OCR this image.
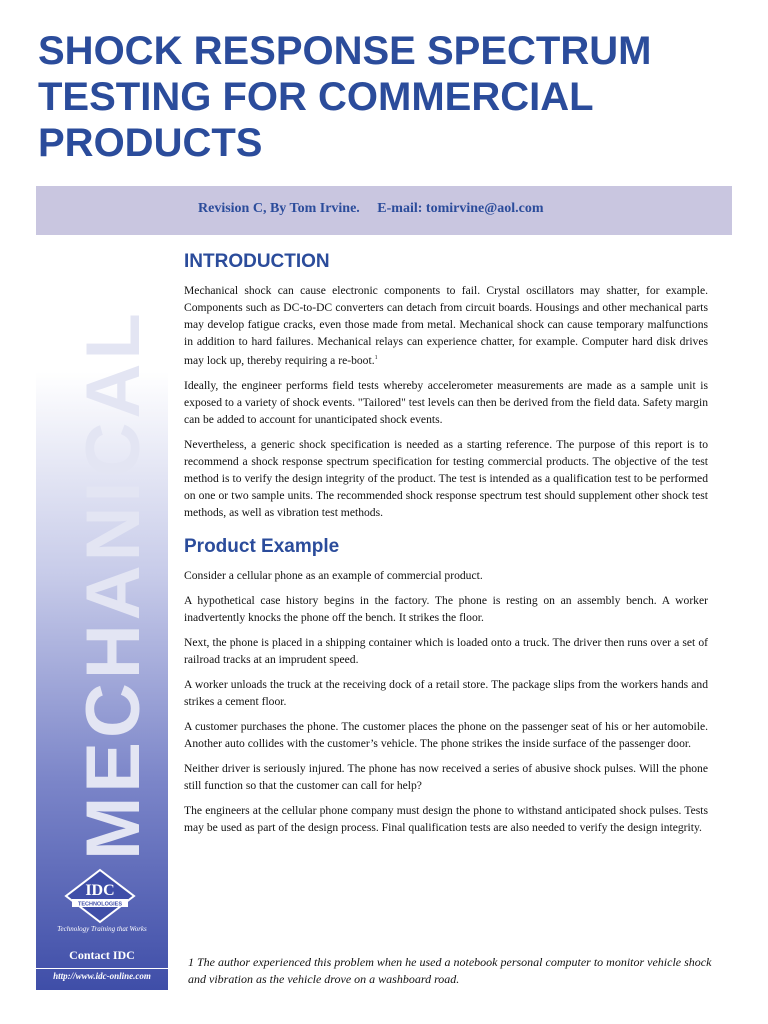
SHOCK RESPONSE SPECTRUM
TESTING FOR COMMERCIAL
PRODUCTS
Revision C, By Tom Irvine.     E-mail: tomirvine@aol.com
MECHANICAL
IDC
TECHNOLOGIES
Technology Training that Works
Contact IDC
http://www.idc-online.com
INTRODUCTION

Mechanical shock can cause electronic components to fail. Crystal oscillators may shatter, for example. Components such as DC-to-DC converters can detach from circuit boards. Housings and other mechanical parts may develop fatigue cracks, even those made from metal. Mechanical shock can cause temporary malfunctions in addition to hard failures. Mechanical relays can experience chatter, for example. Computer hard disk drives may lock up, thereby requiring a re-boot.$^1$

Ideally, the engineer performs field tests whereby accelerometer measurements are made as a sample unit is exposed to a variety of shock events. "Tailored" test levels can then be derived from the field data. Safety margin can be added to account for unanticipated shock events.

Nevertheless, a generic shock specification is needed as a starting reference. The purpose of this report is to recommend a shock response spectrum specification for testing commercial products. The objective of the test method is to verify the design integrity of the product. The test is intended as a qualification test to be performed on one or two sample units. The recommended shock response spectrum test should supplement other shock test methods, as well as vibration test methods.

Product Example

Consider a cellular phone as an example of commercial product.

A hypothetical case history begins in the factory. The phone is resting on an assembly bench. A worker inadvertently knocks the phone off the bench. It strikes the floor.

Next, the phone is placed in a shipping container which is loaded onto a truck. The driver then runs over a set of railroad tracks at an imprudent speed.

A worker unloads the truck at the receiving dock of a retail store. The package slips from the workers hands and strikes a cement floor.

A customer purchases the phone. The customer places the phone on the passenger seat of his or her automobile. Another auto collides with the customer’s vehicle. The phone strikes the inside surface of the passenger door.

Neither driver is seriously injured. The phone has now received a series of abusive shock pulses. Will the phone still function so that the customer can call for help?

The engineers at the cellular phone company must design the phone to withstand anticipated shock pulses. Tests may be used as part of the design process. Final qualification tests are also needed to verify the design integrity.

1 The author experienced this problem when he used a notebook personal computer to monitor vehicle shock and vibration as the vehicle drove on a washboard road.
